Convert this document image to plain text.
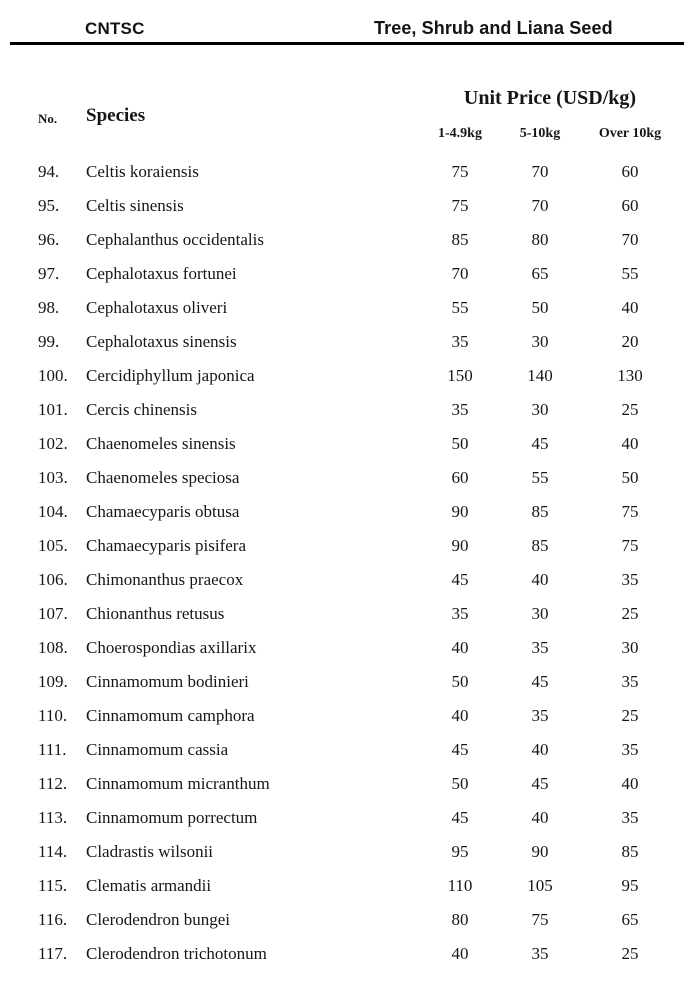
CNTSC	Tree, Shrub and Liana Seed
No. Species
Unit Price (USD/kg)
1-4.9kg	5-10kg	Over 10kg
94.	Celtis koraiensis	75	70	60
95.	Celtis sinensis	75	70	60
96.	Cephalanthus occidentalis	85	80	70
97.	Cephalotaxus fortunei	70	65	55
98.	Cephalotaxus oliveri	55	50	40
99.	Cephalotaxus sinensis	35	30	20
100.	Cercidiphyllum japonica	150	140	130
101.	Cercis chinensis	35	30	25
102.	Chaenomeles sinensis	50	45	40
103.	Chaenomeles speciosa	60	55	50
104.	Chamaecyparis obtusa	90	85	75
105.	Chamaecyparis pisifera	90	85	75
106.	Chimonanthus praecox	45	40	35
107.	Chionanthus retusus	35	30	25
108.	Choerospondias axillarix	40	35	30
109.	Cinnamomum bodinieri	50	45	35
110.	Cinnamomum camphora	40	35	25
111.	Cinnamomum cassia	45	40	35
112.	Cinnamomum micranthum	50	45	40
113.	Cinnamomum porrectum	45	40	35
114.	Cladrastis wilsonii	95	90	85
115.	Clematis armandii	110	105	95
116.	Clerodendron bungei	80	75	65
117.	Clerodendron trichotonum	40	35	25
